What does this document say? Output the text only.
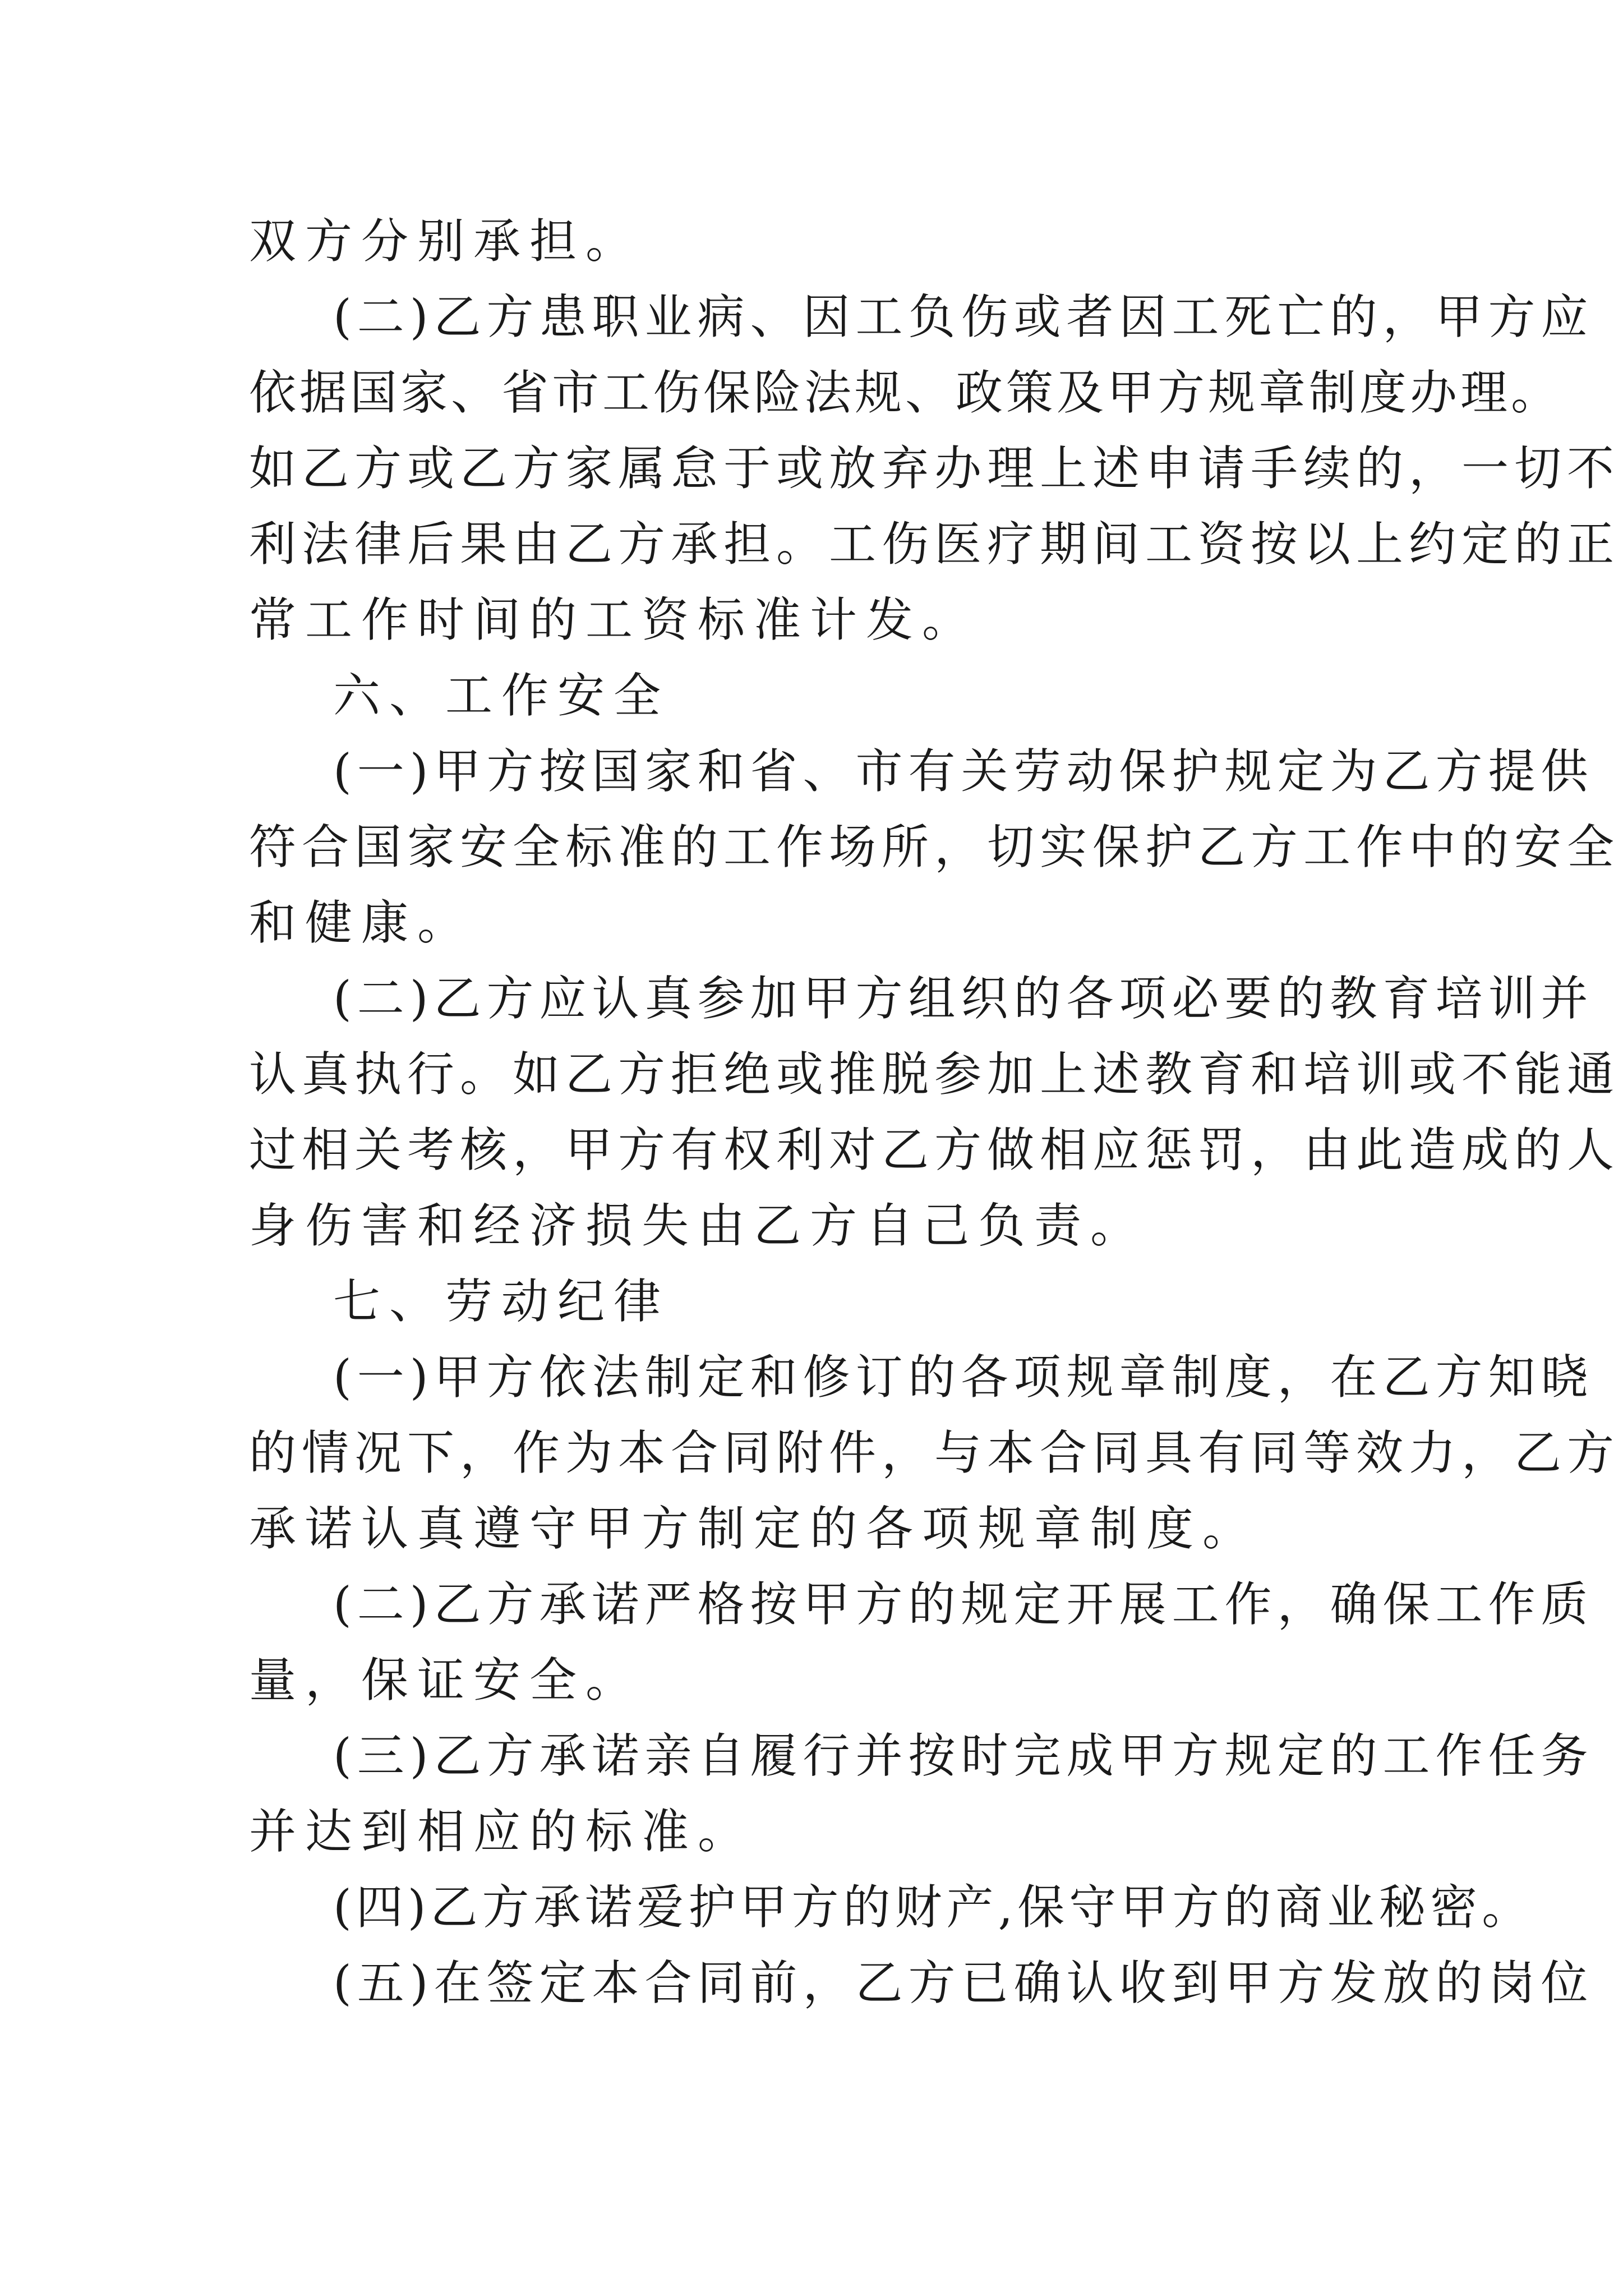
双方分别承担。
(二)乙方患职业病、因工负伤或者因工死亡的，甲方应
依据国家、省市工伤保险法规、政策及甲方规章制度办理。
如乙方或乙方家属怠于或放弃办理上述申请手续的，一切不
利法律后果由乙方承担。工伤医疗期间工资按以上约定的正
常工作时间的工资标准计发。
六、工作安全
(一)甲方按国家和省、市有关劳动保护规定为乙方提供
符合国家安全标准的工作场所，切实保护乙方工作中的安全
和健康。
(二)乙方应认真参加甲方组织的各项必要的教育培训并
认真执行。如乙方拒绝或推脱参加上述教育和培训或不能通
过相关考核，甲方有权利对乙方做相应惩罚，由此造成的人
身伤害和经济损失由乙方自己负责。
七、劳动纪律
(一)甲方依法制定和修订的各项规章制度，在乙方知晓
的情况下，作为本合同附件，与本合同具有同等效力，乙方
承诺认真遵守甲方制定的各项规章制度。
(二)乙方承诺严格按甲方的规定开展工作，确保工作质
量，保证安全。
(三)乙方承诺亲自履行并按时完成甲方规定的工作任务
并达到相应的标准。
(四)乙方承诺爱护甲方的财产,保守甲方的商业秘密。
(五)在签定本合同前，乙方已确认收到甲方发放的岗位
